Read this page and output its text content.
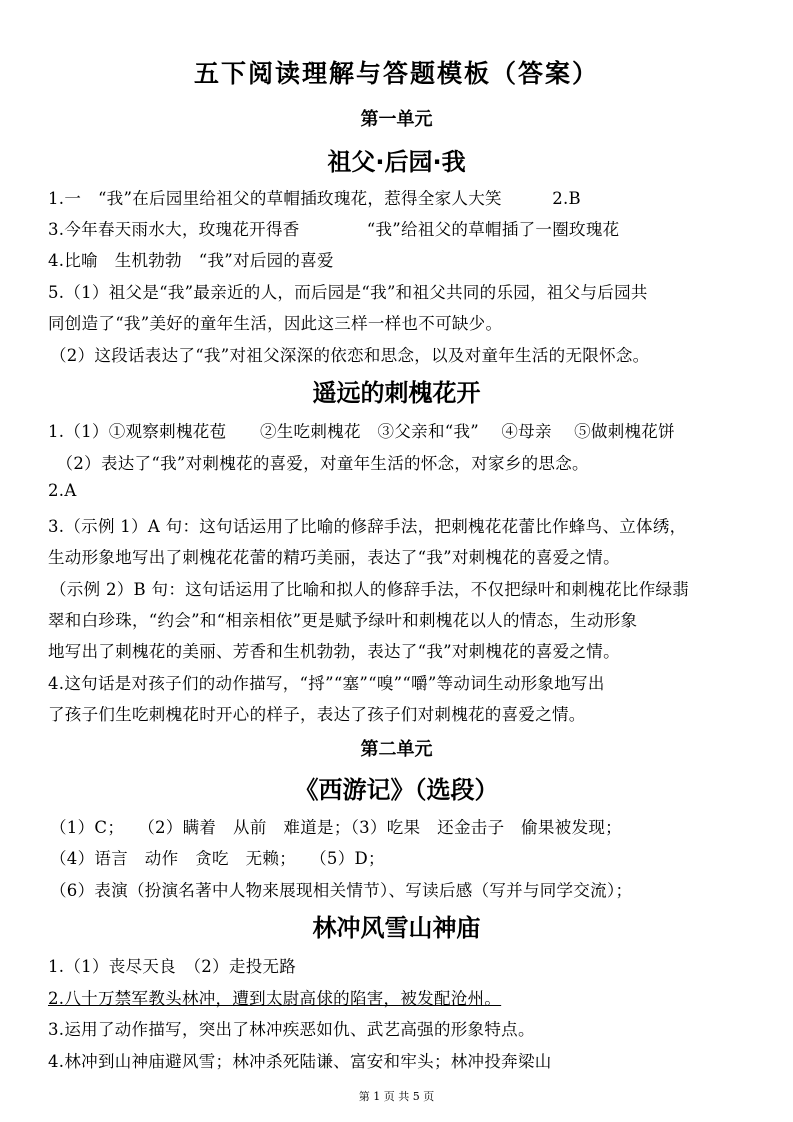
五下阅读理解与答题模板（答案）
第一单元
祖父·后园·我
1.一　“我”在后园里给祖父的草帽插玫瑰花，惹得全家人大笑　　　2.B
3.今年春天雨水大，玫瑰花开得香　　　　“我”给祖父的草帽插了一圈玫瑰花
4.比喻　生机勃勃　“我”对后园的喜爱
5.（1）祖父是“我”最亲近的人，而后园是“我”和祖父共同的乐园，祖父与后园共
同创造了“我”美好的童年生活，因此这三样一样也不可缺少。
（2）这段话表达了“我”对祖父深深的依恋和思念，以及对童年生活的无限怀念。
遥远的刺槐花开
1.（1）①观察刺槐花苞　　②生吃刺槐花　③父亲和“我”　 ④母亲　 ⑤做刺槐花饼
　（2）表达了“我”对刺槐花的喜爱，对童年生活的怀念，对家乡的思念。
2.A
3.（示例 1）A 句：这句话运用了比喻的修辞手法，把刺槐花花蕾比作蜂鸟、立体绣，
生动形象地写出了刺槐花花蕾的精巧美丽，表达了“我”对刺槐花的喜爱之情。
（示例 2）B 句：这句话运用了比喻和拟人的修辞手法，不仅把绿叶和刺槐花比作绿翡
翠和白珍珠，“约会”和“相亲相依”更是赋予绿叶和刺槐花以人的情态，生动形象
地写出了刺槐花的美丽、芳香和生机勃勃，表达了“我”对刺槐花的喜爱之情。
4.这句话是对孩子们的动作描写，“捋”“塞”“嗅”“嚼”等动词生动形象地写出
了孩子们生吃刺槐花时开心的样子，表达了孩子们对刺槐花的喜爱之情。
第二单元
《西游记》（选段）
（1）C；　 （2）瞒着　从前　难道是；（3）吃果　还金击子　偷果被发现；
（4）语言　动作　贪吃　无赖；　 （5）D；
（6）表演（扮演名著中人物来展现相关情节）、写读后感（写并与同学交流）；
林冲风雪山神庙
1.（1）丧尽天良　（2）走投无路
2.八十万禁军教头林冲，遭到太尉高俅的陷害，被发配沧州。
3.运用了动作描写，突出了林冲疾恶如仇、武艺高强的形象特点。
4.林冲到山神庙避风雪；林冲杀死陆谦、富安和牢头；林冲投奔梁山
第 1 页 共 5 页
